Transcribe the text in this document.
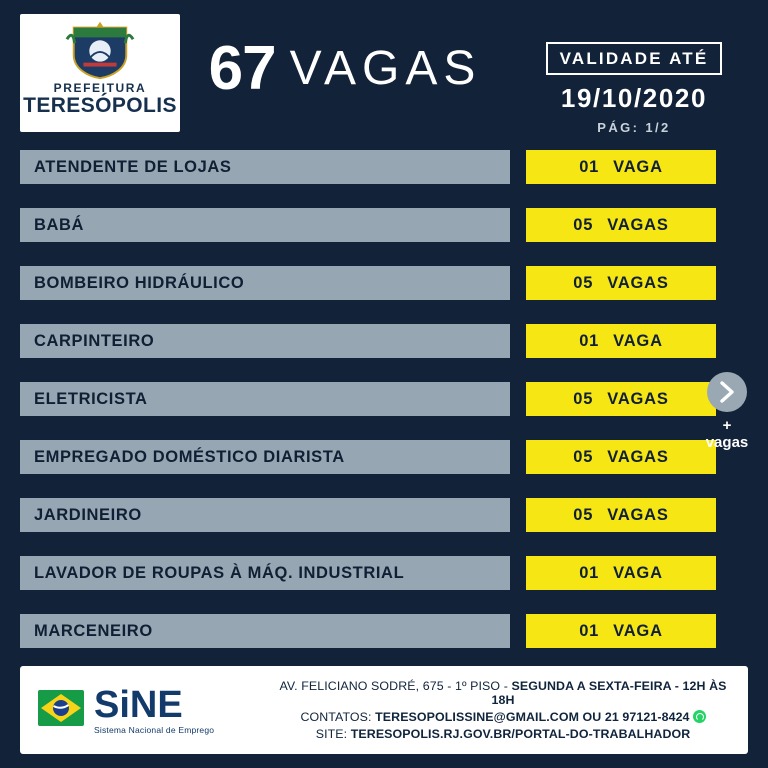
PREFEITURA
TERESÓPOLIS
67 VAGAS	VALIDADE ATÉ
19/10/2020
PÁG: 1/2
ATENDENTE DE LOJAS	01 VAGA
BABÁ	05 VAGAS
BOMBEIRO HIDRÁULICO	05 VAGAS
CARPINTEIRO	01 VAGA
ELETRICISTA	05 VAGAS
EMPREGADO DOMÉSTICO DIARISTA	05 VAGAS
JARDINEIRO	05 VAGAS
LAVADOR DE ROUPAS À MÁQ. INDUSTRIAL	01 VAGA
MARCENEIRO	01 VAGA
+
vagas
SiNE
Sistema Nacional de Emprego
AV. FELICIANO SODRÉ, 675 - 1º PISO - SEGUNDA A SEXTA-FEIRA - 12H ÀS 18H
CONTATOS: TERESOPOLISSINE@GMAIL.COM OU 21 97121-8424
SITE: TERESOPOLIS.RJ.GOV.BR/PORTAL-DO-TRABALHADOR
